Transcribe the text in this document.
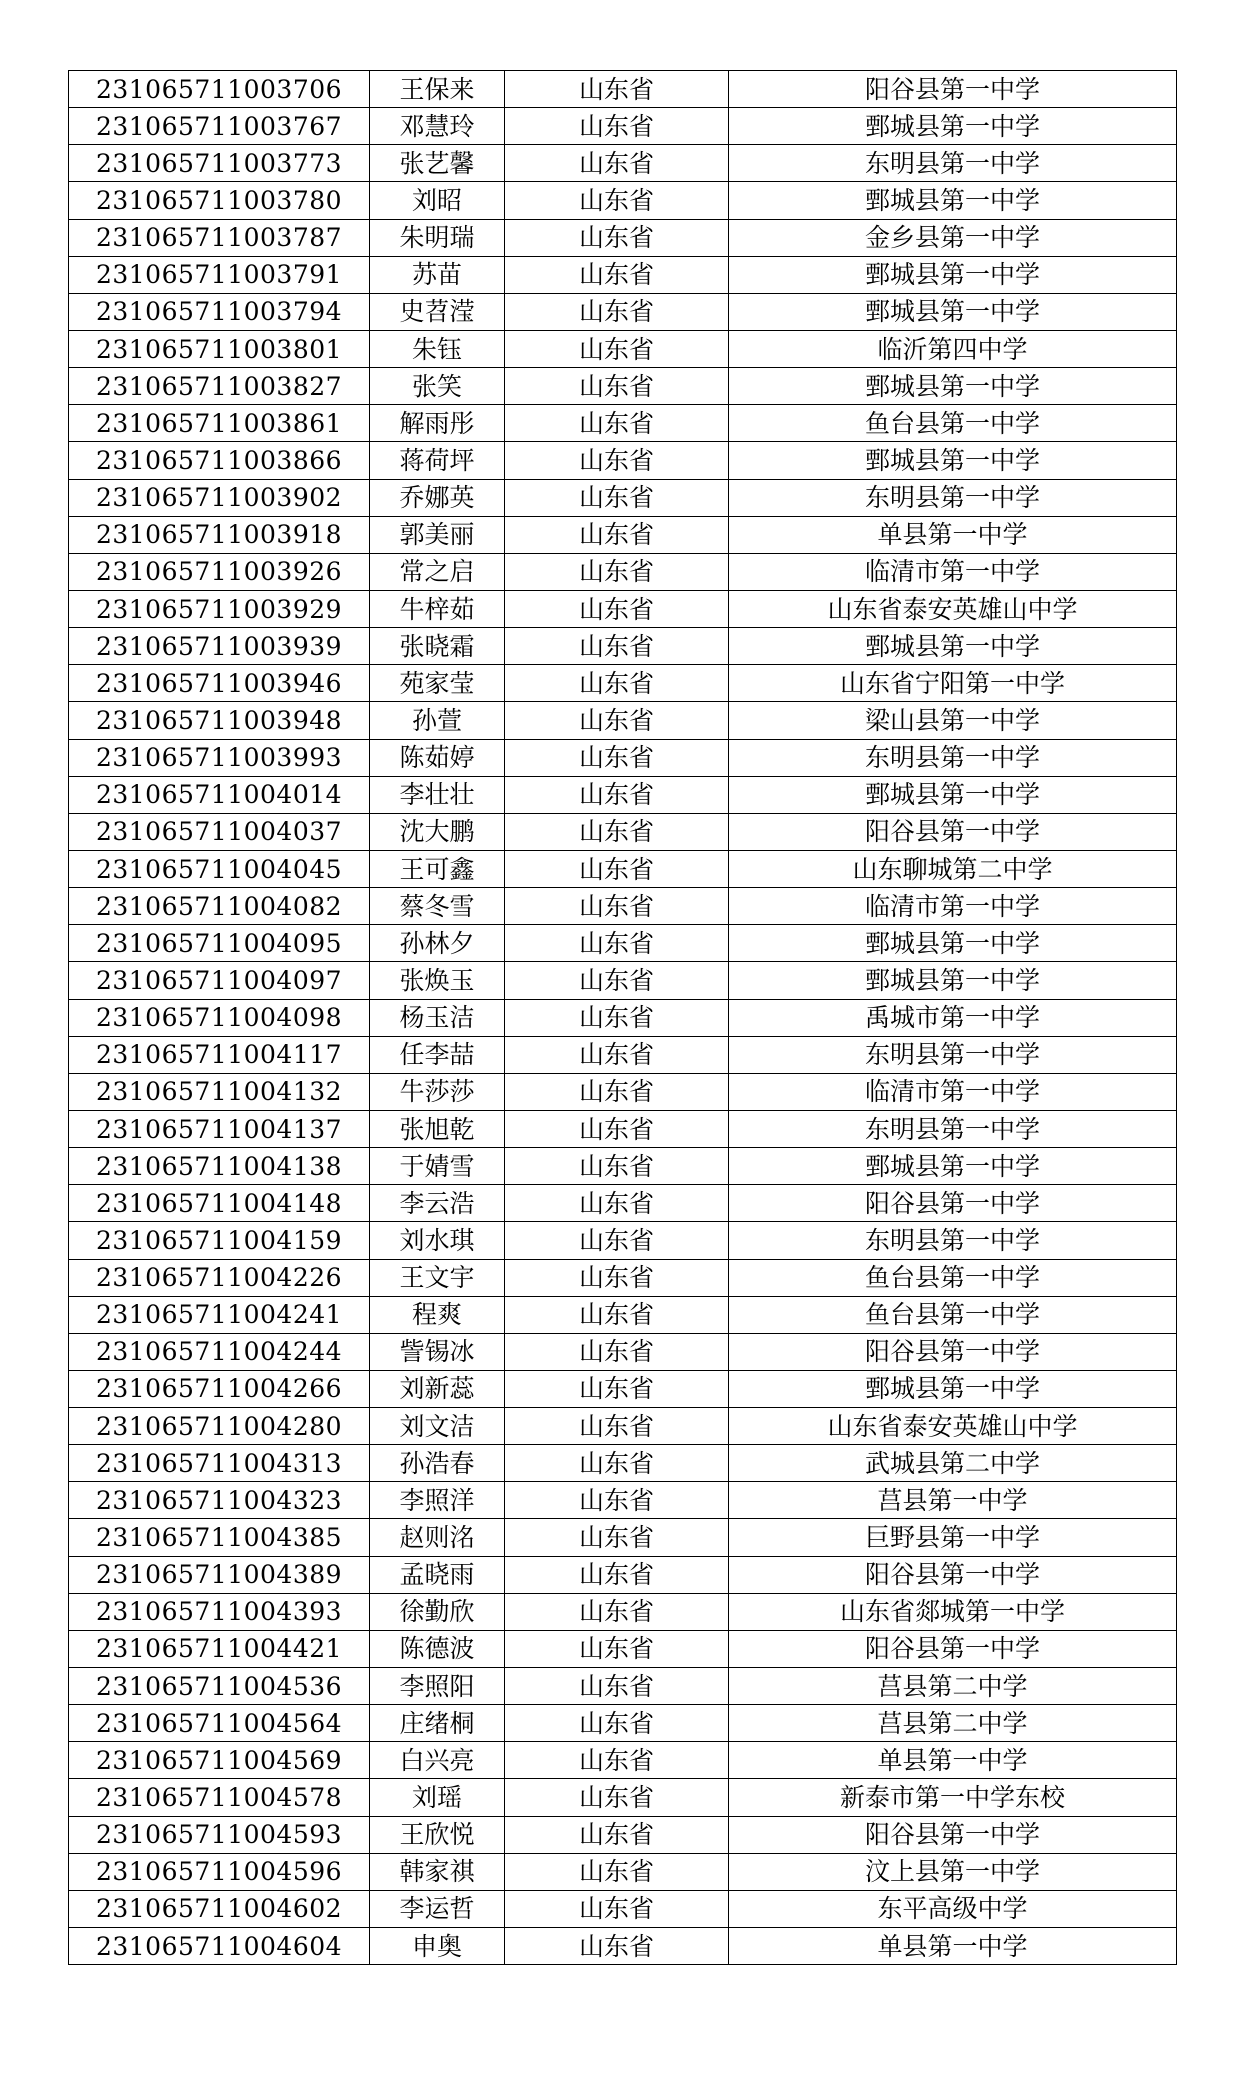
231065711003706	王保来	山东省	阳谷县第一中学
231065711003767	邓慧玲	山东省	鄄城县第一中学
231065711003773	张艺馨	山东省	东明县第一中学
231065711003780	刘昭	山东省	鄄城县第一中学
231065711003787	朱明瑞	山东省	金乡县第一中学
231065711003791	苏苗	山东省	鄄城县第一中学
231065711003794	史苕滢	山东省	鄄城县第一中学
231065711003801	朱钰	山东省	临沂第四中学
231065711003827	张笑	山东省	鄄城县第一中学
231065711003861	解雨彤	山东省	鱼台县第一中学
231065711003866	蒋荷坪	山东省	鄄城县第一中学
231065711003902	乔娜英	山东省	东明县第一中学
231065711003918	郭美丽	山东省	单县第一中学
231065711003926	常之启	山东省	临清市第一中学
231065711003929	牛梓茹	山东省	山东省泰安英雄山中学
231065711003939	张晓霜	山东省	鄄城县第一中学
231065711003946	苑家莹	山东省	山东省宁阳第一中学
231065711003948	孙萱	山东省	梁山县第一中学
231065711003993	陈茹婷	山东省	东明县第一中学
231065711004014	李壮壮	山东省	鄄城县第一中学
231065711004037	沈大鹏	山东省	阳谷县第一中学
231065711004045	王可鑫	山东省	山东聊城第二中学
231065711004082	蔡冬雪	山东省	临清市第一中学
231065711004095	孙林夕	山东省	鄄城县第一中学
231065711004097	张焕玉	山东省	鄄城县第一中学
231065711004098	杨玉洁	山东省	禹城市第一中学
231065711004117	任李喆	山东省	东明县第一中学
231065711004132	牛莎莎	山东省	临清市第一中学
231065711004137	张旭乾	山东省	东明县第一中学
231065711004138	于婧雪	山东省	鄄城县第一中学
231065711004148	李云浩	山东省	阳谷县第一中学
231065711004159	刘水琪	山东省	东明县第一中学
231065711004226	王文宇	山东省	鱼台县第一中学
231065711004241	程爽	山东省	鱼台县第一中学
231065711004244	訾锡冰	山东省	阳谷县第一中学
231065711004266	刘新蕊	山东省	鄄城县第一中学
231065711004280	刘文洁	山东省	山东省泰安英雄山中学
231065711004313	孙浩春	山东省	武城县第二中学
231065711004323	李照洋	山东省	莒县第一中学
231065711004385	赵则洺	山东省	巨野县第一中学
231065711004389	孟晓雨	山东省	阳谷县第一中学
231065711004393	徐勤欣	山东省	山东省郯城第一中学
231065711004421	陈德波	山东省	阳谷县第一中学
231065711004536	李照阳	山东省	莒县第二中学
231065711004564	庄绪桐	山东省	莒县第二中学
231065711004569	白兴亮	山东省	单县第一中学
231065711004578	刘瑶	山东省	新泰市第一中学东校
231065711004593	王欣悦	山东省	阳谷县第一中学
231065711004596	韩家祺	山东省	汶上县第一中学
231065711004602	李运哲	山东省	东平高级中学
231065711004604	申奥	山东省	单县第一中学
